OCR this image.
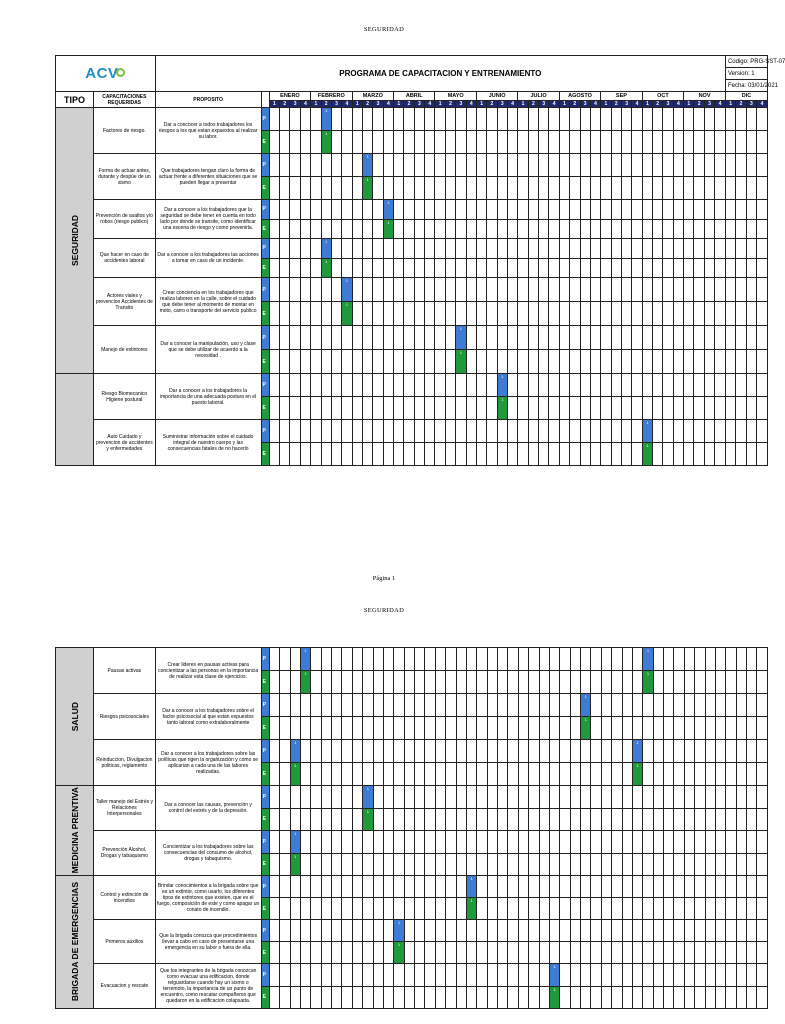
SEGURIDAD
ACV		PROGRAMA DE CAPACITACION Y ENTRENAMIENTO																																														Codigo: PRG-SST-07			
																																																Version: 1			
																																																Fecha: 03/01/2021			
TIPO	CAPACITACIONES REQUERIDAS	PROPOSITO		ENERO				FEBRERO				MARZO				ABRIL				MAYO				JUNIO				JULIO				AGOSTO				SEP				OCT				NOV				DIC			
				1	2	3	4	1	2	3	4	1	2	3	4	1	2	3	4	1	2	3	4	1	2	3	4	1	2	3	4	1	2	3	4	1	2	3	4	1	2	3	4	1	2	3	4	1	2	3	4

SEGURIDAD	Factores de riesgo.	Dar a concocer a todos trabajadores los riesgos a los que estan expuestos al realizar su labor.	P						1																																										
			E						1																																										
	Forma de actuar antes, durante y despúe de un sismo	Que trabajadores tengan claro la forma de actuar frente a diferentes situaciones que se pueden llegar a presentar	P										1																																						
			E										1																																						
	Prevención de asaltos y/o robos (riesgo publico)	Dar a conocer a los trabajadores que la seguridad se debe tener en cuenta en todo lado por donde se transite, como identificar una escena de riesgo y como prevenirla.	P												1																																				
			E												1																																				
	Que hacer en caso de accidentes laboral	Dar a conocer a los trabajadores las acciones a tomar en caso de un incidente.	P						1																																										
			E						1																																										
	Actores viales y prevencion Accidentes de Transito	Crear conciencia en los trabajadores que realiza labores en la calle, sobre el cuidado que debe tener al momento de montar en moto, carro o transporte del servicio publico	P								1																																								
			E								1																																								
	Manejo de extintores	Dar a conocer la manipulación, uso y clase que se debe utilizar de acuerdo a la necesidad .	P																			1																													
			E																			1																													

	Riesgo Biomecanico Higiene postural	Dar a conocer a los trabajadores la importancia de una adecuada postura en el puesto laboral.	P																							1																									
			E																							1																									
	Auto Cuidado y prevencion de accidentes y enfermedades	Suministrar información sobre el cuidado integral de nuestro cuerpo y las consecuencias fatales de no hacerlo	P																																					1											
			E																																					1											
Página 1
SEGURIDAD
SALUD	Pausas activas	Crear lideres en pausas activas para concientizar a las personas en la importancia de realizar esta clase de ejercicios.	P				1																																	1											
			E				1																																	1											
	Riesgos psicosociales	Dar a conocer a los trabajadores sobre el factor psicosocial al que estan expuestos tanto laboral como extralaboralmente	P																															1																	
			E																															1																	
	Reinduccion, Divulgacion politicas, reglamento	Dar a conocer a los trabajadores sobre las políticas que rigen la organización y como se aplicarian a cada una de las labores realizadas.	P			1																																	1												
			E			1																																	1												

MEDICINA PRENTIVA	Taller manejo del Estrés y Relaciones Interpersonales	Dar a conocer las causas, prevención y control del estrés y de la depresión.	P										1																																						
			E										1																																						
	Prevención Alcohol, Drogas y tabaquismo	Concientizar a los trabajadores sobre las consecuencias del consumo de alcohol, drogas y tabaquismo.	P			1																																													
			E			1																																													

BRIGADA DE EMERGENCIAS	Control y extinción de incendios	Brindar conocimientos a la brigada sobre que es un extintor, como usarlo, los diferentes tipos de extintores que existen, que es el fuego, composición de este y como apagar un conato de incendio.	P																				1																												
			E																				1																												
	Primeros auxilios	Que la brigada conozca que procedimientos llevar a cabo en caso de presentarse una emergencia en su labor o fuera de ella.	P													1																																			
			E													1																																			
	Evacuacion y rescate	Que los integrantes de la brigada conozcan como evacuar una edificacion, donde reiguardarse cuando hay un sismo o terremoto, la importancia de un punto de encuentro, como rescatar compañeros que quedaron en la edificacion colapsada.	P																												1																				
			E																												1																				
